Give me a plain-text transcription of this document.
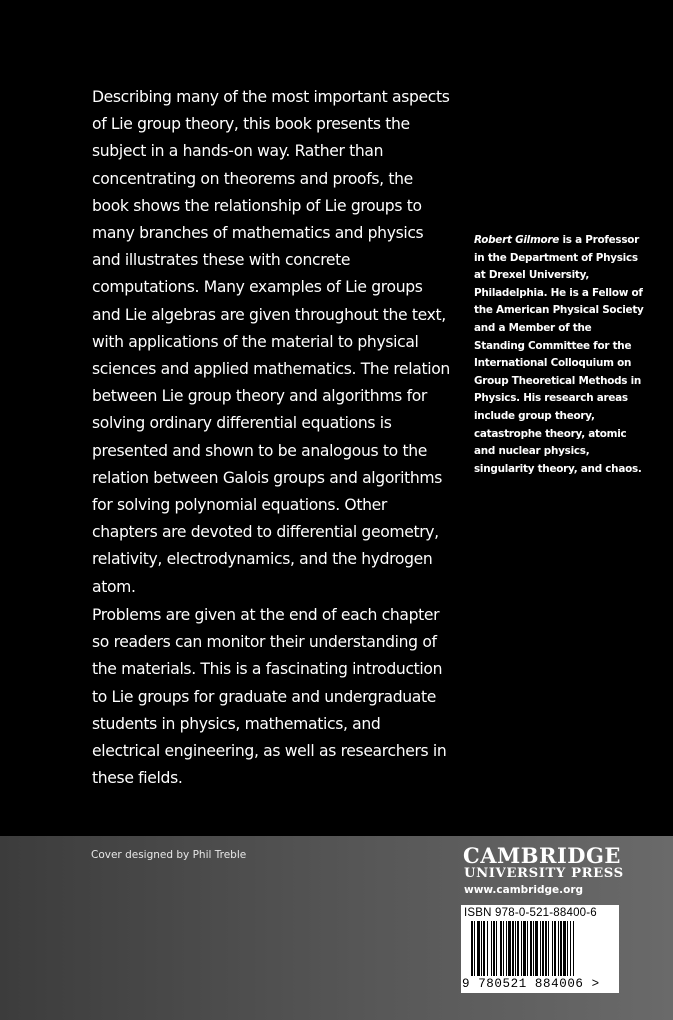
Describing many of the most important aspects of Lie group theory, this book presents the subject in a hands-on way. Rather than concentrating on theorems and proofs, the book shows the relationship of Lie groups to many branches of mathematics and physics and illustrates these with concrete computations. Many examples of Lie groups and Lie algebras are given throughout the text, with applications of the material to physical sciences and applied mathematics. The relation between Lie group theory and algorithms for solving ordinary differential equations is presented and shown to be analogous to the relation between Galois groups and algorithms for solving polynomial equations. Other chapters are devoted to differential geometry, relativity, electrodynamics, and the hydrogen atom.

Problems are given at the end of each chapter so readers can monitor their understanding of the materials. This is a fascinating introduction to Lie groups for graduate and undergraduate students in physics, mathematics, and electrical engineering, as well as researchers in these fields.

Robert Gilmore is a Professor in the Department of Physics at Drexel University, Philadelphia. He is a Fellow of the American Physical Society and a Member of the Standing Committee for the International Colloquium on Group Theoretical Methods in Physics. His research areas include group theory, catastrophe theory, atomic and nuclear physics, singularity theory, and chaos.
Cover designed by Phil Treble	CAMBRIDGE
UNIVERSITY PRESS
www.cambridge.org
ISBN 978-0-521-88400-6
9 780521 884006 >
